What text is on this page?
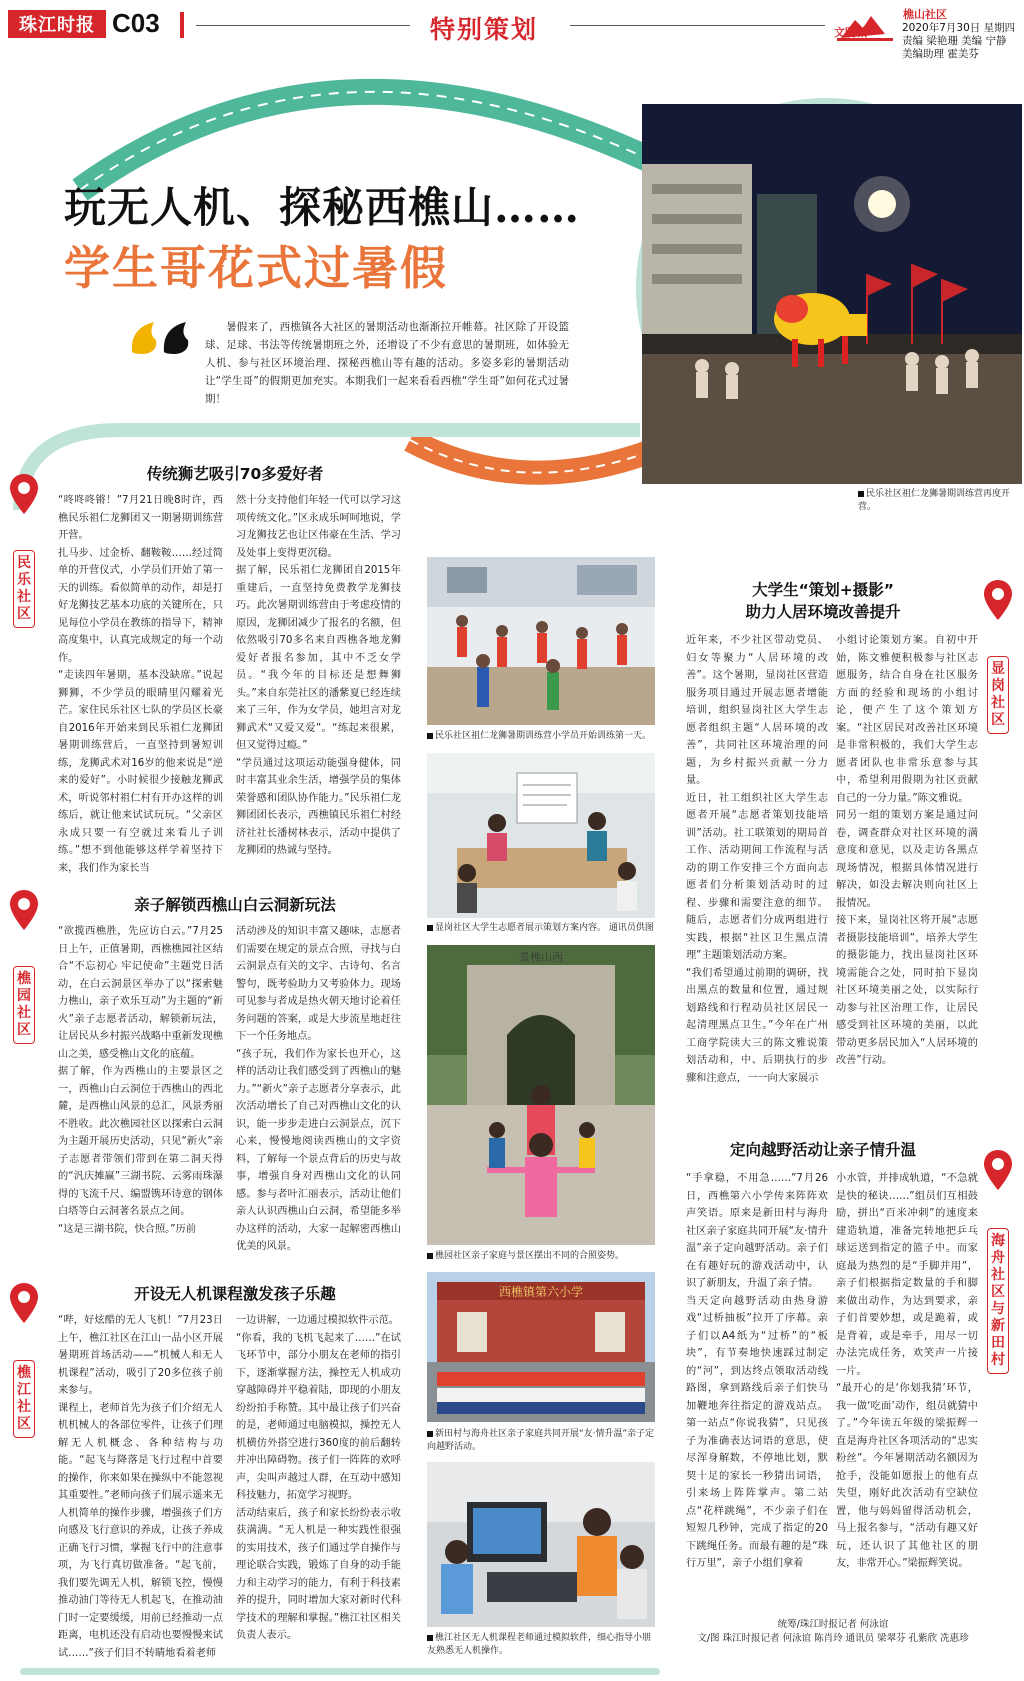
珠江时报 C03	特别策划	文明城
樵山社区
2020年7月30日 星期四
责编 梁艳珊 美编 宁静
美编助理 霍美芬
玩无人机、探秘西樵山……
学生哥花式过暑假
暑假来了，西樵镇各大社区的暑期活动也渐渐拉开帷幕。社区除了开设篮球、足球、书法等传统暑期班之外，还增设了不少有意思的暑期班，如体验无人机、参与社区环境治理、探秘西樵山等有趣的活动。多姿多彩的暑期活动让“学生哥”的假期更加充实。本期我们一起来看看西樵“学生哥”如何花式过暑期！
民乐社区祖仁龙狮暑期训练营再度开营。
民乐社区
传统狮艺吸引70多爱好者
“咚咚咚锵！”7月21日晚8时许，西樵民乐祖仁龙狮团又一期暑期训练营开营。
扎马步、过金桥、翻鞍鞍……经过简单的开营仪式，小学员们开始了第一天的训练。看似简单的动作，却是打好龙狮技艺基本功底的关键所在，只见每位小学员在教练的指导下，精神高度集中，认真完成规定的每一个动作。
“走读四年暑期，基本没缺席。”说起狮狮，不少学员的眼睛里闪耀着光芒。家住民乐社区七队的学员区长豪自2016年开始来到民乐祖仁龙狮团暑期训练营后，一直坚持到暑短训练，龙狮武术对16岁的他来说是“逆来的爱好”。小时候很少接触龙狮武术，听说邻村祖仁村有开办这样的训练后，就让他来试试玩玩。“父亲区永成只要一有空就过来看儿子训练。”想不到他能够这样学着坚持下来，我们作为家长当
然十分支持他们年轻一代可以学习这项传统文化。”区永成乐呵呵地说，学习龙狮技艺也让区伟豪在生活、学习及处事上变得更沉稳。
据了解，民乐祖仁龙狮团自2015年重建后，一直坚持免费教学龙狮技巧。此次暑期训练营由于考虑疫情的原因，龙狮团减少了报名的名额，但依然吸引70多名来自西樵各地龙狮爱好者报名参加，其中不乏女学员。“我今年的目标还是想舞狮头。”来自东莞社区的潘紫夏已经连续来了三年，作为女学员，她坦言对龙狮武术“又爱又爱”。“练起来很累，但又觉得过瘾。”
“学员通过这项运动能强身健体，同时丰富其业余生活，增强学员的集体荣誉感和团队协作能力。”民乐祖仁龙狮团团长表示，西樵镇民乐祖仁村经济社社长潘树林表示，活动中提供了龙狮团的热诚与坚持。
樵园社区
亲子解锁西樵山白云洞新玩法
“欲揽西樵胜，先应访白云。”7月25日上午，正值暑期，西樵樵园社区结合“不忘初心 牢记使命”主题党日活动，在白云洞景区举办了以“探索魅力樵山，亲子欢乐互动”为主题的“新火”亲子志愿者活动，解锁新玩法，让居民从乡村振兴战略中重新发现樵山之美，感受樵山文化的底蕴。
据了解，作为西樵山的主要景区之一，西樵山白云洞位于西樵山的西北麓，是西樵山风景的总汇，风景秀丽不胜收。此次樵园社区以探索白云洞为主题开展历史活动，只见“新火”亲子志愿者带领们带到在第二洞天得的“汎庆摊赢”三湖书院、云雾雨珠瀑得的飞流千尺、编盟镌环诗意的钢体白塔等白云洞著名景点之间。
“这是三湖书院，快合照。”历前
活动涉及的知识丰富又趣味，志愿者们需要在规定的景点合照，寻找与白云洞景点有关的文字、古诗句、名言警句，既考验助力又考验体力。现场可见参与者成是热火朝天地讨论着任务问题的答案，或是大步流星地赶往下一个任务地点。
“孩子玩，我们作为家长也开心，这样的活动让我们感受到了西樵山的魅力。”“新火”亲子志愿者分享表示，此次活动增长了自己对西樵山文化的认识，能一步步走进白云洞景点，沉下心来，慢慢地阅读西樵山的文字资料，了解每一个景点背后的历史与故事，增强自身对西樵山文化的认同感。参与者叶汇丽表示，活动让他们亲人认识西樵山白云洞，希望能多举办这样的活动，大家一起解密西樵山优美的风景。
樵江社区
开设无人机课程激发孩子乐趣
“哔，好炫酷的无人飞机！”7月23日上午，樵江社区在江山一品小区开展暑期班首场活动——“机械人和无人机课程”活动，吸引了20多位孩子前来参与。
课程上，老师首先为孩子们介绍无人机机械人的各部位零件，让孩子们理解无人机概念、各种结构与功能。“起飞与降落是飞行过程中首要的操作，你来如果在操纵中不能忽视其重要性。”老师向孩子们展示遥来无人机简单的操作步骤，增强孩子们方向感及飞行意识的养成，让孩子养成正确飞行习惯，掌握飞行中的注意事项，为飞行真切做准备。“起飞前，我们要先调无人机，解锁飞控，慢慢推动油门等待无人机起飞，在推动油门时一定要缓缓，用前已经推动一点距离，电机还没有启动也要慢慢来试试……”孩子们目不转睛地看着老师
一边讲解，一边通过模拟软件示范。
“你看，我的飞机飞起来了……”在试飞环节中，部分小朋友在老师的指引下，逐渐掌握方法，操控无人机成功穿越障碍并平稳着陆，即现的小朋友纷纷拍手称赞。其中最让孩子们兴奋的是，老师通过电脑模拟，操控无人机横仿外搭空进行360度的前后翻转并冲出障碍物。孩子们一阵阵的欢呼声，尖叫声越过人群，在互动中感知科技魅力，拓宽学习视野。
活动结束后，孩子和家长纷纷表示收获满满。“无人机是一种实践性很强的实用技术，孩子们通过学自操作与理论联合实践，锻炼了自身的动手能力和主动学习的能力，有利于科技素养的提升，同时增加大家对新时代科学技术的理解和掌握。”樵江社区相关负责人表示。
民乐社区祖仁龙狮暑期训练营小学员开始训练第一天。
显岗社区大学生志愿者展示策划方案内容。 通讯员供图
景樵山西
樵园社区亲子家庭与景区摆出不同的合照姿势。
西樵镇第六小学
新田村与海舟社区亲子家庭共同开展“友·情升温”亲子定向越野活动。
樵江社区无人机课程老师通过模拟软件，细心指导小朋友熟悉无人机操作。
显岗社区
大学生“策划+摄影”
助力人居环境改善提升
近年来，不少社区带动党员、妇女等聚力“人居环境的改善”。这个暑期，显岗社区营造服务项目通过开展志愿者增能培训，组织显岗社区大学生志愿者组织主题“人居环境的改善”，共同社区环境治理的问题，为乡村振兴贡献一分力量。
近日，社工组织社区大学生志愿者开展“志愿者策划技能培训”活动。社工联策划的期局首工作、活动期间工作流程与活动的期工作安排三个方面向志愿者们分析策划活动时的过程、步骤和需要注意的细节。随后，志愿者们分成两组进行实践，根据“社区卫生黑点清理”主题策划活动方案。
“我们希望通过前期的调研，找出黑点的数量和位置，通过规划路线和行程动员社区居民一起清理黑点卫生。”今年在广州工商学院读大三的陈文雅说策划活动和，中、后期执行的步骤和注意点，一一向大家展示
小组讨论策划方案。自初中开始，陈文雅便积极参与社区志愿服务，结合自身在社区服务方面的经验和现场的小组讨论，便产生了这个策划方案。“社区居民对改善社区环境是非常积极的，我们大学生志愿者团队也非常乐意参与其中，希望利用假期为社区贡献自己的一分力量。”陈文雅说。
同另一组的策划方案是通过问卷，调查群众对社区环境的满意度和意见，以及走访各黑点现场情况，根据具体情况进行解决，如没去解决则向社区上报情况。
接下来，显岗社区将开展“志愿者摄影技能培训”，培养大学生的摄影能力，找出显岗社区环境需能合之处，同时拍下显岗社区环境美丽之处，以实际行动参与社区治理工作，让居民感受到社区环境的美丽，以此带动更多居民加入“人居环境的改善”行动。
海舟社区与新田村
定向越野活动让亲子情升温
“手拿稳，不用急……”7月26日，西樵第六小学传来阵阵欢声笑语。原来是新田村与海舟社区亲子家庭共同开展“友·情升温”亲子定向越野活动。亲子们在有趣好玩的游戏活动中，认识了新朋友，升温了亲子情。
当天定向越野活动由热身游戏“过桥抽板”拉开了序幕。亲子们以A4纸为“过桥”的“板块”，有节奏地快速踩过制定的“河”，到达终点领取活动线路图，拿到路线后亲子们快马加鞭地奔往指定的游戏站点。第一站点“你说我猜”，只见孩子为准确表达词语的意思，使尽浑身解数，不停地比划，默契十足的家长一秒猜出词语，引来场上阵阵掌声。第二站点“花样跳绳”，不少亲子们在短短几秒钟，完成了指定的20下跳绳任务。而最有趣的是“珠行万里”，亲子小组们拿着
小水管，并排成轨道，“不急就是快的秘诀……”组员们互相鼓励，拼出“百米冲刺”的速度来建造轨道，准备完转地把乒乓球运送到指定的篮子中。而家庭最为热烈的是“手脚并用”，亲子们根据指定数量的手和脚来做出动作，为达到要求，亲子们首要妙想，或是跪着，或是背着，或是牵手，用尽一切办法完成任务，欢笑声一片接一片。
“最开心的是‘你划我猜’环节，我一做‘吃面’动作，组员就猜中了。”今年读五年级的梁振辉一直是海舟社区各项活动的“忠实粉丝”。今年暑期活动名额因为抢手，没能如愿报上的他有点失望，刚好此次活动有空缺位置，他与妈妈留得活动机会，马上报名参与，“活动有趣又好玩，还认识了其他社区的朋友，非常开心。”梁振辉笑说。
统筹/珠江时报记者 何泳谊
文/图 珠江时报记者 何泳谊 陈肖玲 通讯员 梁翠芬 孔紫欣 冼惠珍
